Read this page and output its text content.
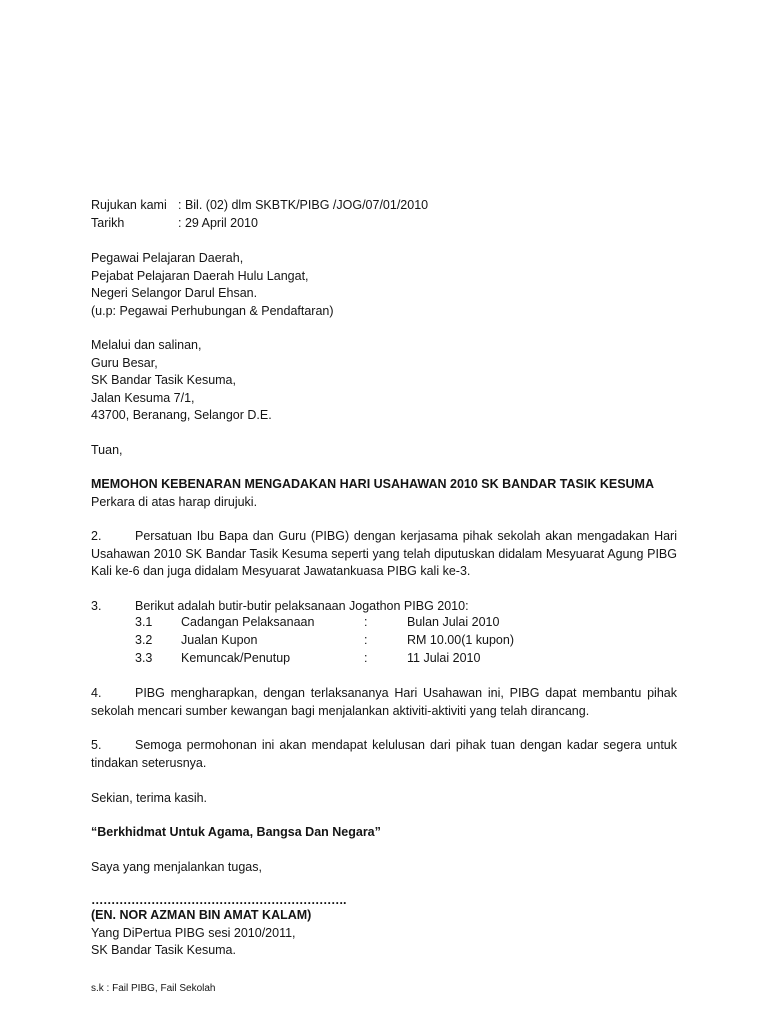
Rujukan kami : Bil. (02) dlm SKBTK/PIBG /JOG/07/01/2010
Tarikh	: 29 April 2010
Pegawai Pelajaran Daerah,
Pejabat Pelajaran Daerah Hulu Langat,
Negeri Selangor Darul Ehsan.
(u.p: Pegawai Perhubungan & Pendaftaran)
Melalui dan salinan,
Guru Besar,
SK Bandar Tasik Kesuma,
Jalan Kesuma 7/1,
43700, Beranang, Selangor D.E.
Tuan,
MEMOHON KEBENARAN MENGADAKAN HARI USAHAWAN 2010 SK BANDAR TASIK KESUMA
Perkara di atas harap dirujuki.
2.	Persatuan Ibu Bapa dan Guru (PIBG) dengan kerjasama pihak sekolah akan mengadakan Hari Usahawan 2010 SK Bandar Tasik Kesuma seperti yang telah diputuskan didalam Mesyuarat Agung PIBG Kali ke-6 dan juga didalam Mesyuarat Jawatankuasa PIBG kali ke-3.
3.	Berikut adalah butir-butir pelaksanaan Jogathon PIBG 2010:
3.1	Cadangan Pelaksanaan	:	Bulan Julai 2010
3.2	Jualan Kupon	:	RM 10.00(1 kupon)
3.3	Kemuncak/Penutup	:	11 Julai 2010
4.	PIBG mengharapkan, dengan terlaksananya Hari Usahawan ini, PIBG dapat membantu pihak sekolah mencari sumber kewangan bagi menjalankan aktiviti-aktiviti yang telah dirancang.
5.	Semoga permohonan ini akan mendapat kelulusan dari pihak tuan dengan kadar segera untuk tindakan seterusnya.
Sekian, terima kasih.
“Berkhidmat Untuk Agama, Bangsa Dan Negara”
Saya yang menjalankan tugas,
……………………………………………………….
(EN. NOR AZMAN BIN AMAT KALAM)
Yang DiPertua PIBG sesi 2010/2011,
SK Bandar Tasik Kesuma.
s.k : Fail PIBG, Fail Sekolah
